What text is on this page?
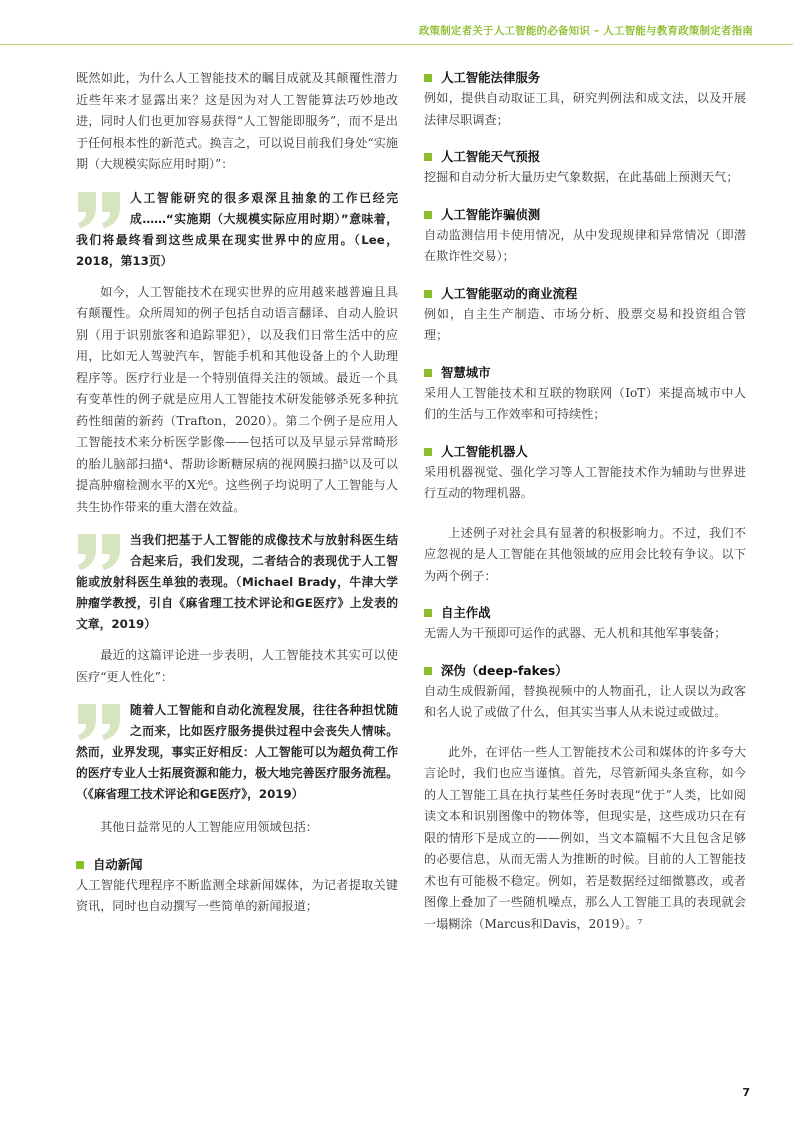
政策制定者关于人工智能的必备知识 – 人工智能与教育政策制定者指南

既然如此，为什么人工智能技术的瞩目成就及其颠覆性潜力近些年来才显露出来？这是因为对人工智能算法巧妙地改进，同时人们也更加容易获得“人工智能即服务”，而不是出于任何根本性的新范式。换言之，可以说目前我们身处“实施期（大规模实际应用时期）”：

人工智能研究的很多艰深且抽象的工作已经完成……“实施期（大规模实际应用时期）”意味着，我们将最终看到这些成果在现实世界中的应用。（Lee，2018，第13页）

如今，人工智能技术在现实世界的应用越来越普遍且具有颠覆性。众所周知的例子包括自动语言翻译、自动人脸识别（用于识别旅客和追踪罪犯），以及我们日常生活中的应用，比如无人驾驶汽车，智能手机和其他设备上的个人助理程序等。医疗行业是一个特别值得关注的领域。最近一个具有变革性的例子就是应用人工智能技术研发能够杀死多种抗药性细菌的新药（Trafton，2020）。第二个例子是应用人工智能技术来分析医学影像——包括可以及早显示异常畸形的胎儿脑部扫描⁴、帮助诊断糖尿病的视网膜扫描⁵以及可以提高肿瘤检测水平的X光⁶。这些例子均说明了人工智能与人共生协作带来的重大潜在效益。

当我们把基于人工智能的成像技术与放射科医生结合起来后，我们发现，二者结合的表现优于人工智能或放射科医生单独的表现。（Michael Brady，牛津大学肿瘤学教授，引自《麻省理工技术评论和GE医疗》上发表的文章，2019）

最近的这篇评论进一步表明，人工智能技术其实可以使医疗“更人性化”：

随着人工智能和自动化流程发展，往往各种担忧随之而来，比如医疗服务提供过程中会丧失人情味。然而，业界发现，事实正好相反：人工智能可以为超负荷工作的医疗专业人士拓展资源和能力，极大地完善医疗服务流程。（《麻省理工技术评论和GE医疗》，2019）

其他日益常见的人工智能应用领域包括：

自动新闻

人工智能代理程序不断监测全球新闻媒体，为记者提取关键资讯，同时也自动撰写一些简单的新闻报道；

人工智能法律服务

例如，提供自动取证工具，研究判例法和成文法，以及开展法律尽职调查；

人工智能天气预报

挖掘和自动分析大量历史气象数据，在此基础上预测天气；

人工智能诈骗侦测

自动监测信用卡使用情况，从中发现规律和异常情况（即潜在欺诈性交易）；

人工智能驱动的商业流程

例如，自主生产制造、市场分析、股票交易和投资组合管理；

智慧城市

采用人工智能技术和互联的物联网（IoT）来提高城市中人们的生活与工作效率和可持续性；

人工智能机器人

采用机器视觉、强化学习等人工智能技术作为辅助与世界进行互动的物理机器。

上述例子对社会具有显著的积极影响力。不过，我们不应忽视的是人工智能在其他领域的应用会比较有争议。以下为两个例子：

自主作战

无需人为干预即可运作的武器、无人机和其他军事装备；

深伪（deep-fakes）

自动生成假新闻，替换视频中的人物面孔，让人误以为政客和名人说了或做了什么，但其实当事人从未说过或做过。

此外，在评估一些人工智能技术公司和媒体的许多夸大言论时，我们也应当谨慎。首先，尽管新闻头条宣称，如今的人工智能工具在执行某些任务时表现“优于”人类，比如阅读文本和识别图像中的物体等，但现实是，这些成功只在有限的情形下是成立的——例如，当文本篇幅不大且包含足够的必要信息，从而无需人为推断的时候。目前的人工智能技术也有可能极不稳定。例如，若是数据经过细微篡改，或者图像上叠加了一些随机噪点，那么人工智能工具的表现就会一塌糊涂（Marcus和Davis，2019）。⁷

7
